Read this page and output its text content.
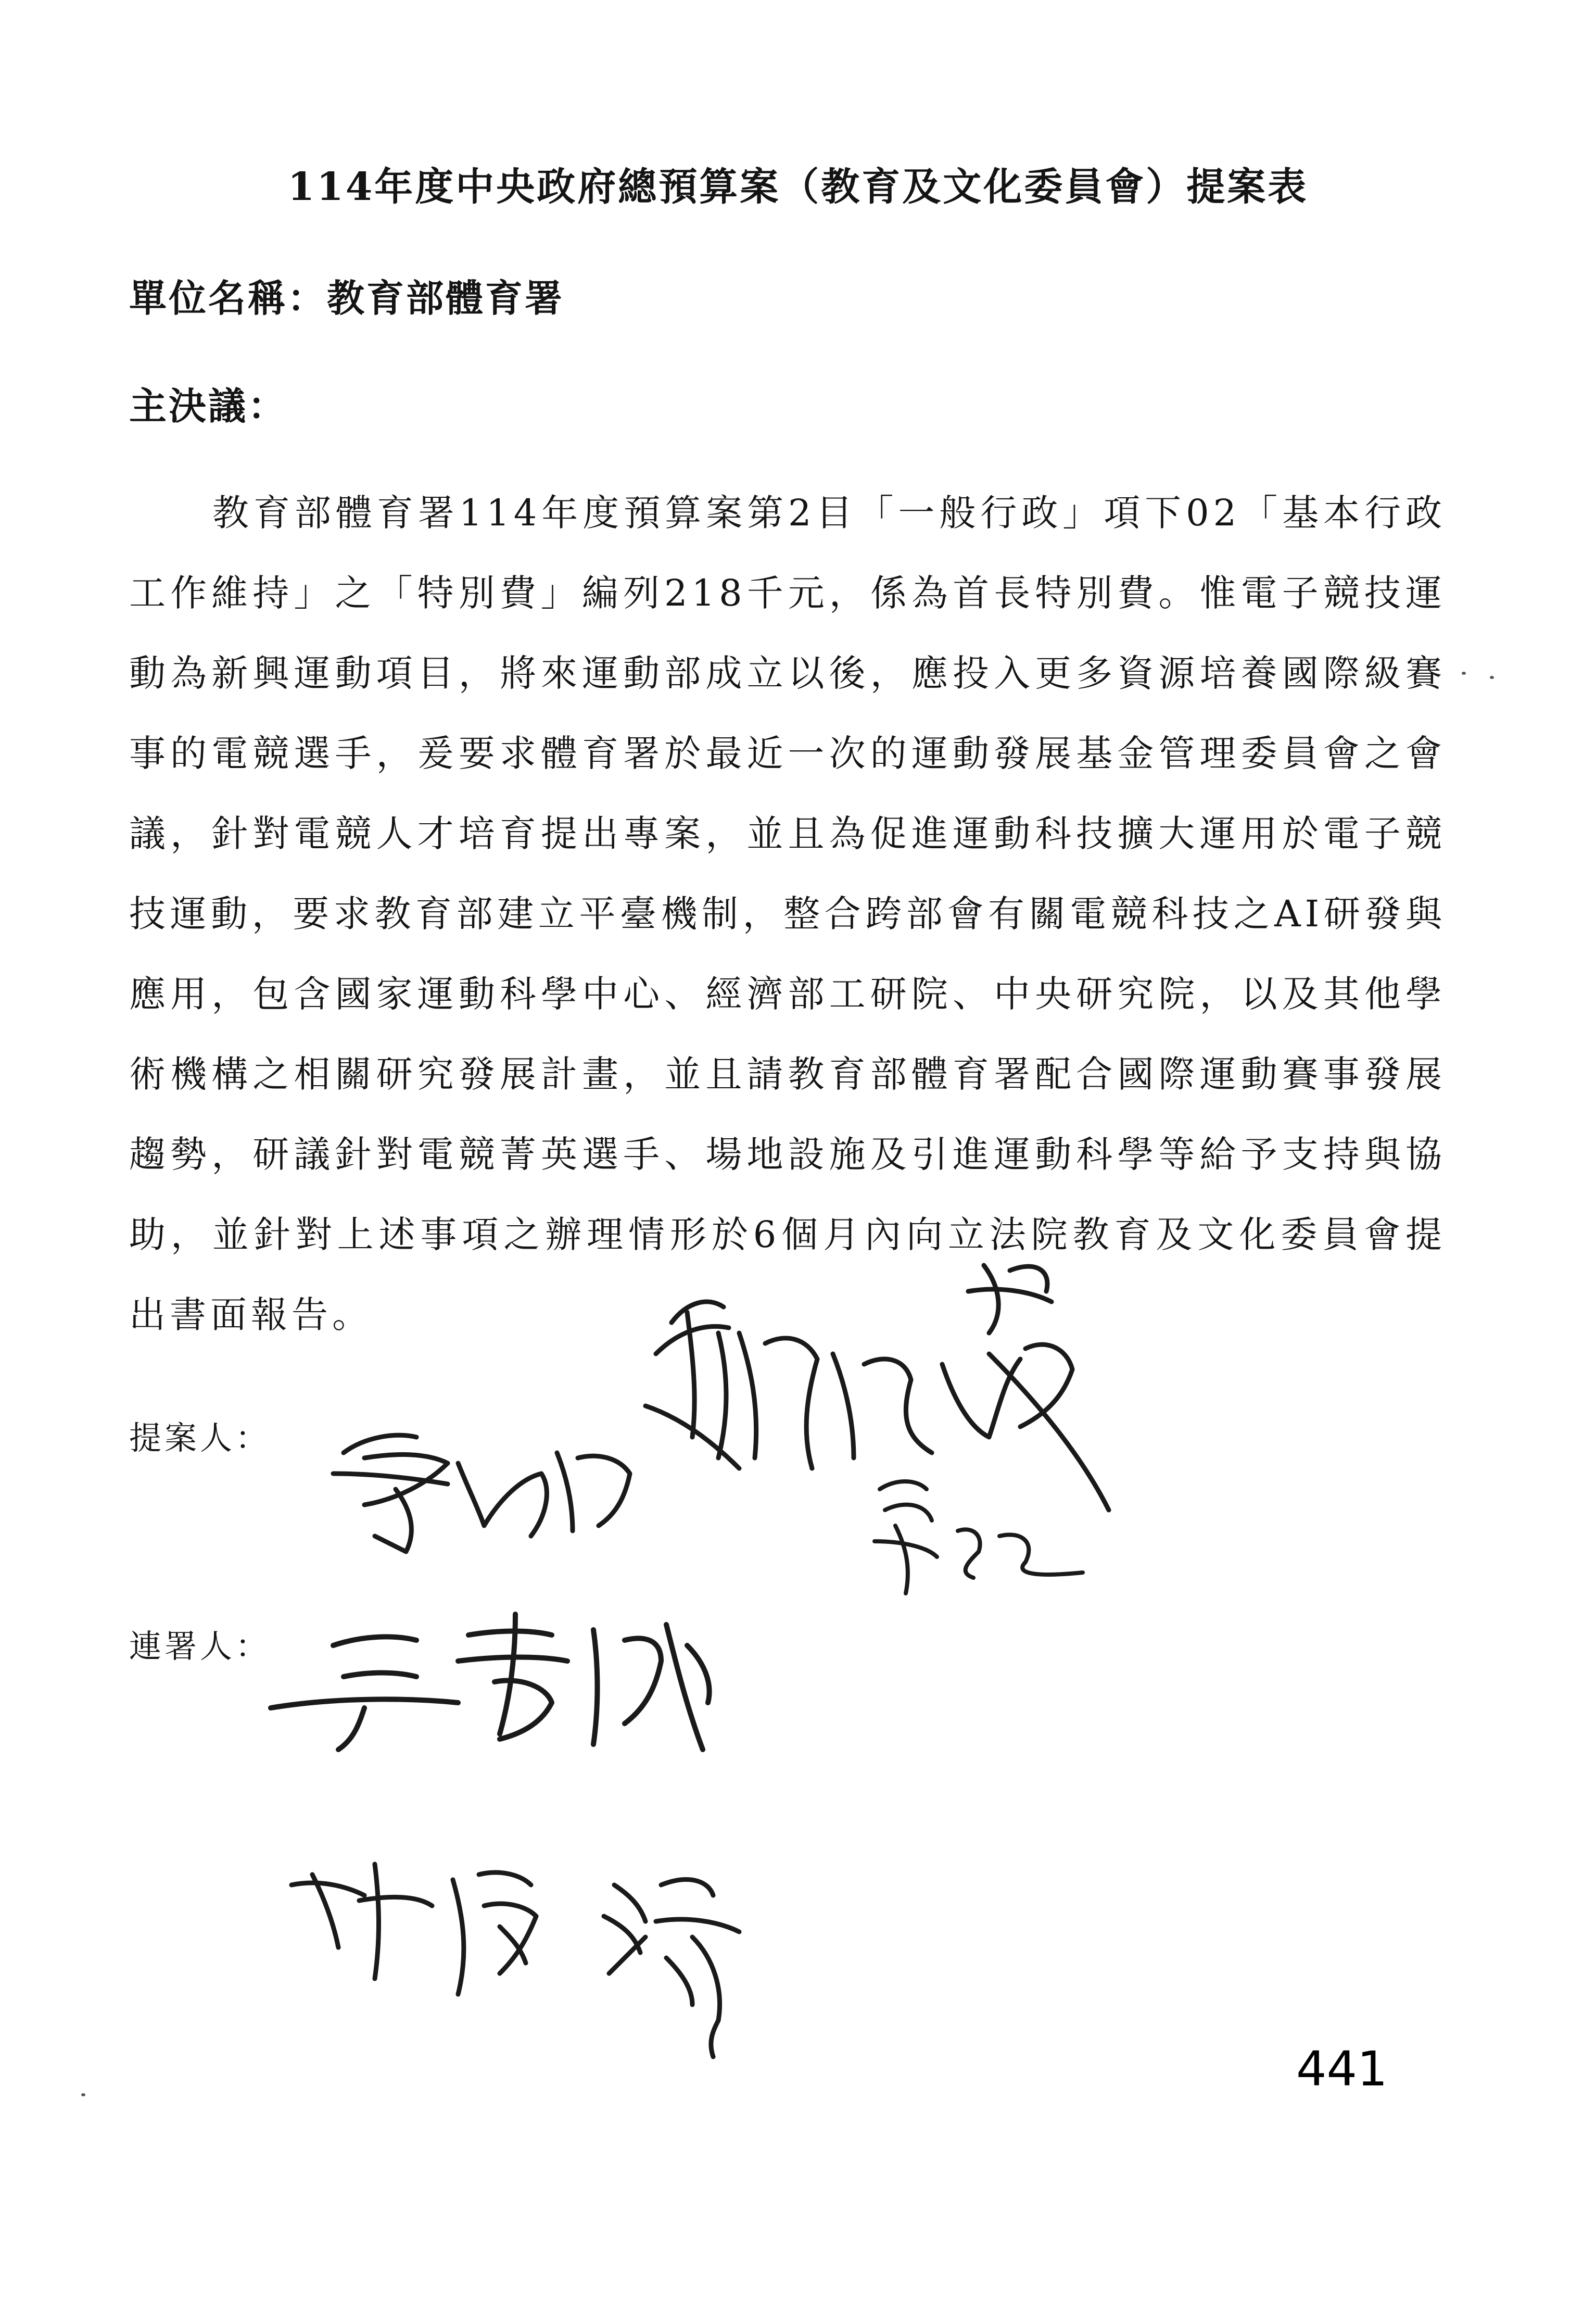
114年度中央政府總預算案（教育及文化委員會）提案表
單位名稱：教育部體育署
主決議：

教育部體育署114年度預算案第2目「一般行政」項下02「基本行政工作維持」之「特別費」編列218千元，係為首長特別費。惟電子競技運動為新興運動項目，將來運動部成立以後，應投入更多資源培養國際級賽事的電競選手，爰要求體育署於最近一次的運動發展基金管理委員會之會議，針對電競人才培育提出專案，並且為促進運動科技擴大運用於電子競技運動，要求教育部建立平臺機制，整合跨部會有關電競科技之AI研發與應用，包含國家運動科學中心、經濟部工研院、中央研究院，以及其他學術機構之相關研究發展計畫，並且請教育部體育署配合國際運動賽事發展趨勢，研議針對電競菁英選手、場地設施及引進運動科學等給予支持與協助，並針對上述事項之辦理情形於6個月內向立法院教育及文化委員會提出書面報告。

提案人：
連署人：
441
